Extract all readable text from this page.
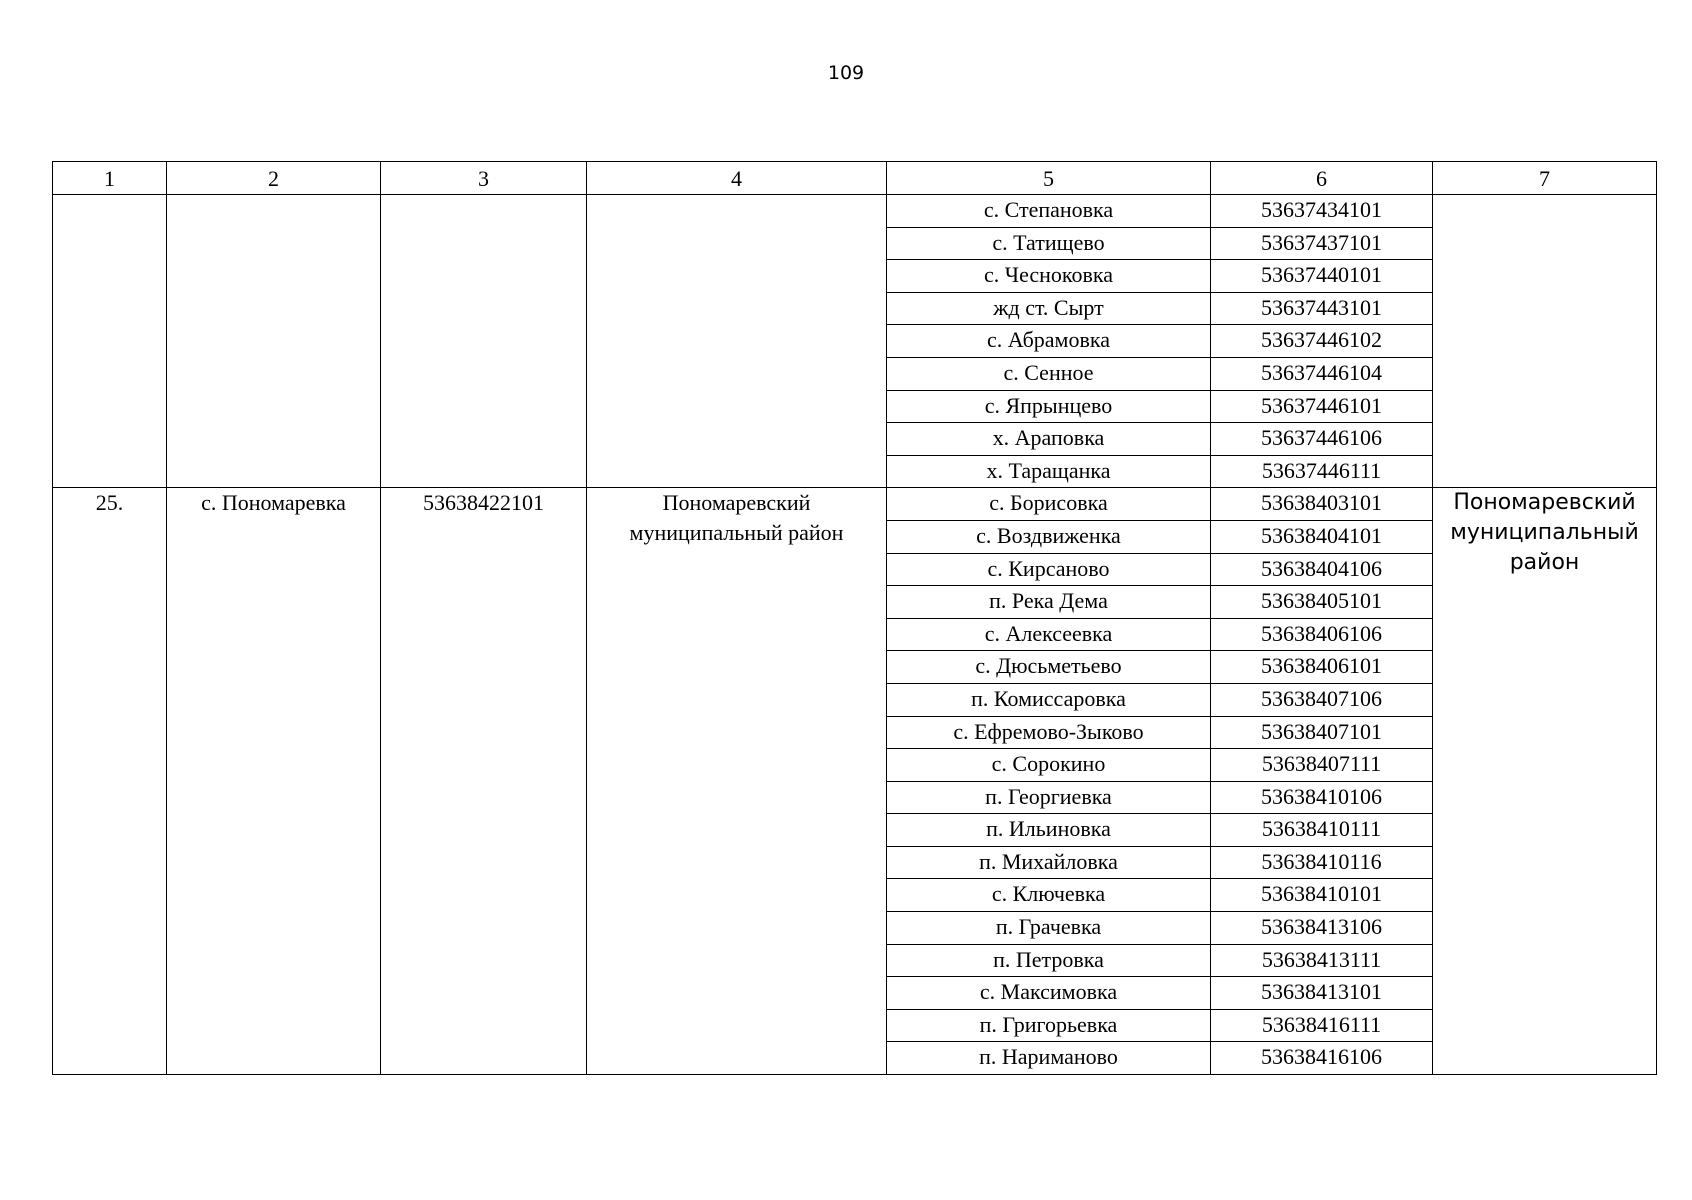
109
1	2	3	4	5	6	7
				с. Степановка	53637434101	
				с. Татищево	53637437101	
				с. Чесноковка	53637440101	
				жд ст. Сырт	53637443101	
				с. Абрамовка	53637446102	
				с. Сенное	53637446104	
				с. Япрынцево	53637446101	
				х. Араповка	53637446106	
				х. Таращанка	53637446111	
25.	с. Пономаревка	53638422101	Пономаревский муниципальный район	с. Борисовка	53638403101	Пономаревский муниципальный район
				с. Воздвиженка	53638404101	
				с. Кирсаново	53638404106	
				п. Река Дема	53638405101	
				с. Алексеевка	53638406106	
				с. Дюсьметьево	53638406101	
				п. Комиссаровка	53638407106	
				с. Ефремово-Зыково	53638407101	
				с. Сорокино	53638407111	
				п. Георгиевка	53638410106	
				п. Ильиновка	53638410111	
				п. Михайловка	53638410116	
				с. Ключевка	53638410101	
				п. Грачевка	53638413106	
				п. Петровка	53638413111	
				с. Максимовка	53638413101	
				п. Григорьевка	53638416111	
				п. Нариманово	53638416106	
